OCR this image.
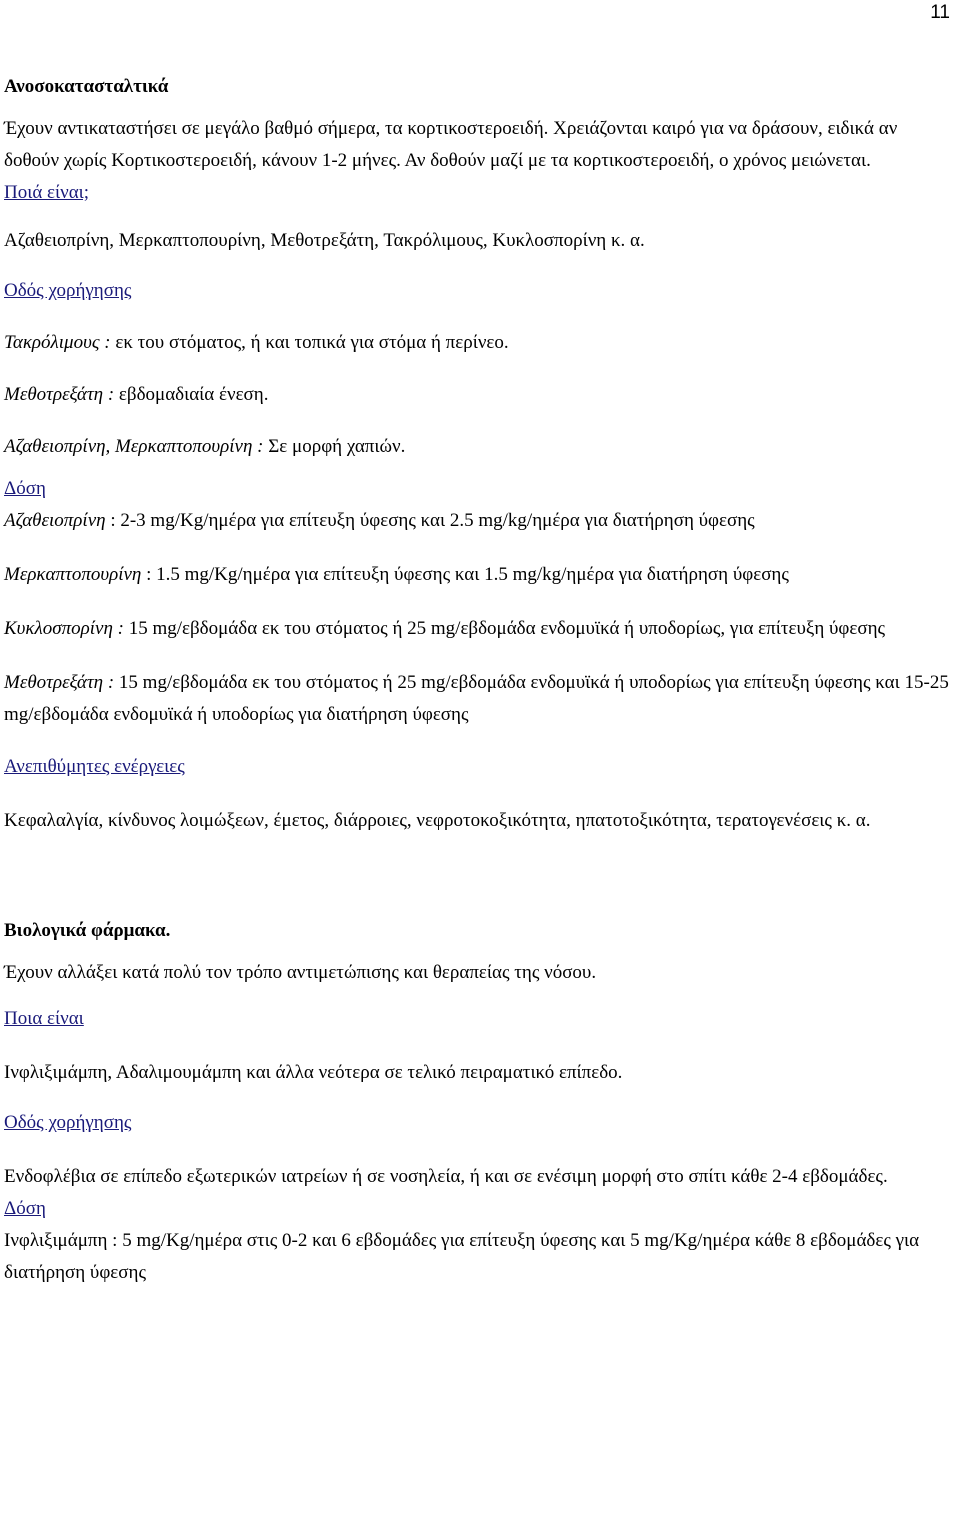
11

Ανοσοκατασταλτικά

Έχουν αντικαταστήσει σε μεγάλο βαθμό σήμερα, τα κορτικοστεροειδή. Χρειάζονται καιρό για να δράσουν, ειδικά αν δοθούν χωρίς Κορτικοστεροειδή, κάνουν 1-2 μήνες. Αν δοθούν μαζί με τα κορτικοστεροειδή, ο χρόνος μειώνεται.

Ποιά είναι;

Αζαθειοπρίνη, Μερκαπτοπουρίνη, Μεθοτρεξάτη, Τακρόλιμους, Κυκλοσπορίνη κ. α.

Οδός χορήγησης

Τακρόλιμους : εκ του στόματος, ή και τοπικά για στόμα ή περίνεο.

Μεθοτρεξάτη : εβδομαδιαία ένεση.

Αζαθειοπρίνη, Μερκαπτοπουρίνη : Σε μορφή χαπιών.

Δόση

Αζαθειοπρίνη : 2-3 mg/Kg/ημέρα για επίτευξη ύφεσης και 2.5 mg/kg/ημέρα για διατήρηση ύφεσης

Μερκαπτοπουρίνη : 1.5 mg/Kg/ημέρα για επίτευξη ύφεσης και 1.5 mg/kg/ημέρα για διατήρηση ύφεσης

Κυκλοσπορίνη : 15 mg/εβδομάδα εκ του στόματος ή 25 mg/εβδομάδα ενδομυϊκά ή υποδορίως, για επίτευξη ύφεσης

Μεθοτρεξάτη : 15 mg/εβδομάδα εκ του στόματος ή 25 mg/εβδομάδα ενδομυϊκά ή υποδορίως για επίτευξη ύφεσης και 15-25 mg/εβδομάδα ενδομυϊκά ή υποδορίως για διατήρηση ύφεσης

Ανεπιθύμητες ενέργειες

Κεφαλαλγία, κίνδυνος λοιμώξεων, έμετος, διάρροιες, νεφροτοκοξικότητα, ηπατοτοξικότητα, τερατογενέσεις κ. α.

Βιολογικά φάρμακα.

Έχουν αλλάξει κατά πολύ τον τρόπο αντιμετώπισης και θεραπείας της νόσου.

Ποια είναι

Ινφλιξιμάμπη, Αδαλιμουμάμπη και άλλα νεότερα σε τελικό πειραματικό επίπεδο.

Οδός χορήγησης

Ενδοφλέβια σε επίπεδο εξωτερικών ιατρείων ή σε νοσηλεία, ή και σε ενέσιμη μορφή στο σπίτι κάθε 2-4 εβδομάδες.

Δόση

Ινφλιξιμάμπη : 5 mg/Kg/ημέρα στις 0-2 και 6 εβδομάδες για επίτευξη ύφεσης και 5 mg/Kg/ημέρα κάθε 8 εβδομάδες για διατήρηση ύφεσης
